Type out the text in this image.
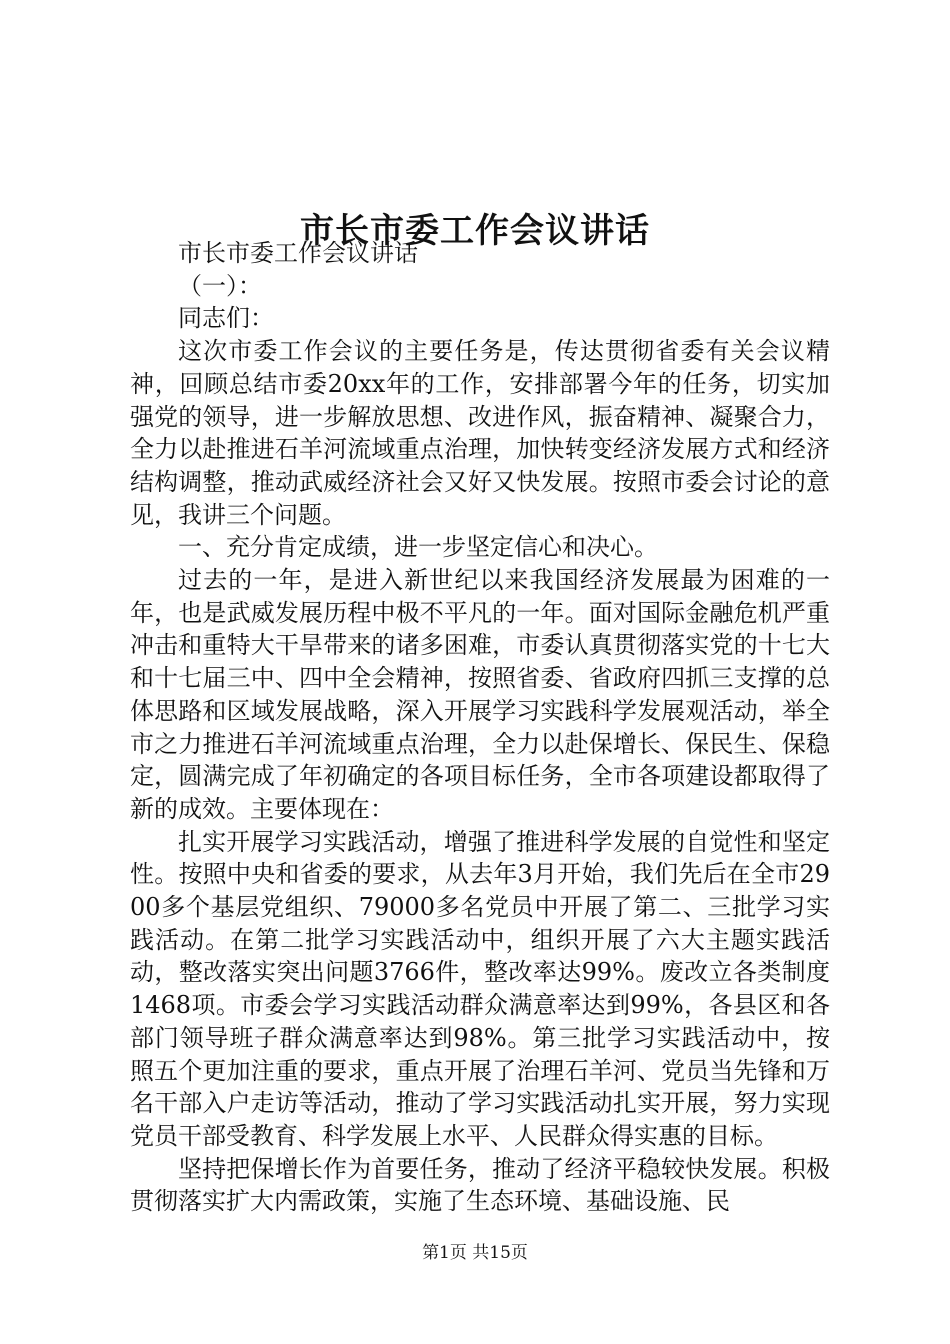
市长市委工作会议讲话

市长市委工作会议讲话

（一）：

同志们：

这次市委工作会议的主要任务是，传达贯彻省委有关会议精神，回顾总结市委20xx年的工作，安排部署今年的任务，切实加强党的领导，进一步解放思想、改进作风，振奋精神、凝聚合力，全力以赴推进石羊河流域重点治理，加快转变经济发展方式和经济结构调整，推动武威经济社会又好又快发展。按照市委会讨论的意见，我讲三个问题。

一、充分肯定成绩，进一步坚定信心和决心。

过去的一年，是进入新世纪以来我国经济发展最为困难的一年，也是武威发展历程中极不平凡的一年。面对国际金融危机严重冲击和重特大干旱带来的诸多困难，市委认真贯彻落实党的十七大和十七届三中、四中全会精神，按照省委、省政府四抓三支撑的总体思路和区域发展战略，深入开展学习实践科学发展观活动，举全市之力推进石羊河流域重点治理，全力以赴保增长、保民生、保稳定，圆满完成了年初确定的各项目标任务，全市各项建设都取得了新的成效。主要体现在：

扎实开展学习实践活动，增强了推进科学发展的自觉性和坚定性。按照中央和省委的要求，从去年3月开始，我们先后在全市2900多个基层党组织、79000多名党员中开展了第二、三批学习实践活动。在第二批学习实践活动中，组织开展了六大主题实践活动，整改落实突出问题3766件，整改率达99%。废改立各类制度1468项。市委会学习实践活动群众满意率达到99%，各县区和各部门领导班子群众满意率达到98%。第三批学习实践活动中，按照五个更加注重的要求，重点开展了治理石羊河、党员当先锋和万名干部入户走访等活动，推动了学习实践活动扎实开展，努力实现党员干部受教育、科学发展上水平、人民群众得实惠的目标。

坚持把保增长作为首要任务，推动了经济平稳较快发展。积极贯彻落实扩大内需政策，实施了生态环境、基础设施、民

第1页 共15页
